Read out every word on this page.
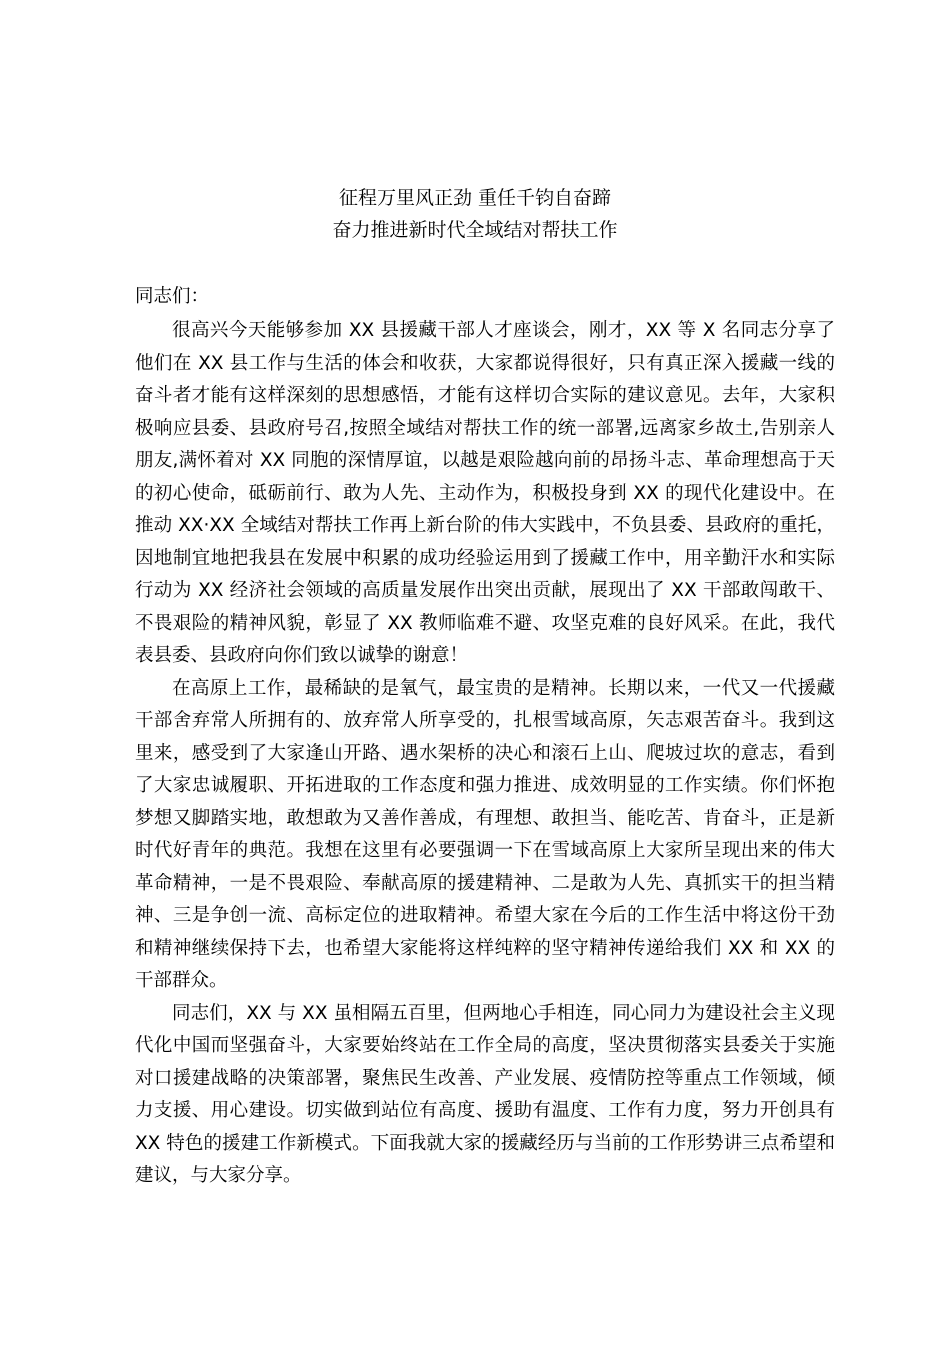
征程万里风正劲 重任千钧自奋蹄
奋力推进新时代全域结对帮扶工作
同志们：

很高兴今天能够参加 XX 县援藏干部人才座谈会，刚才，XX 等 X 名同志分享了他们在 XX 县工作与生活的体会和收获，大家都说得很好，只有真正深入援藏一线的奋斗者才能有这样深刻的思想感悟，才能有这样切合实际的建议意见。去年，大家积极响应县委、县政府号召,按照全域结对帮扶工作的统一部署,远离家乡故土,告别亲人朋友,满怀着对 XX 同胞的深情厚谊，以越是艰险越向前的昂扬斗志、革命理想高于天的初心使命，砥砺前行、敢为人先、主动作为，积极投身到 XX 的现代化建设中。在推动 XX·XX 全域结对帮扶工作再上新台阶的伟大实践中，不负县委、县政府的重托，因地制宜地把我县在发展中积累的成功经验运用到了援藏工作中，用辛勤汗水和实际行动为 XX 经济社会领域的高质量发展作出突出贡献，展现出了 XX 干部敢闯敢干、不畏艰险的精神风貌，彰显了 XX 教师临难不避、攻坚克难的良好风采。在此，我代表县委、县政府向你们致以诚挚的谢意！

在高原上工作，最稀缺的是氧气，最宝贵的是精神。长期以来，一代又一代援藏干部舍弃常人所拥有的、放弃常人所享受的，扎根雪域高原，矢志艰苦奋斗。我到这里来，感受到了大家逢山开路、遇水架桥的决心和滚石上山、爬坡过坎的意志，看到了大家忠诚履职、开拓进取的工作态度和强力推进、成效明显的工作实绩。你们怀抱梦想又脚踏实地，敢想敢为又善作善成，有理想、敢担当、能吃苦、肯奋斗，正是新时代好青年的典范。我想在这里有必要强调一下在雪域高原上大家所呈现出来的伟大革命精神，一是不畏艰险、奉献高原的援建精神、二是敢为人先、真抓实干的担当精神、三是争创一流、高标定位的进取精神。希望大家在今后的工作生活中将这份干劲和精神继续保持下去，也希望大家能将这样纯粹的坚守精神传递给我们 XX 和 XX 的干部群众。

同志们，XX 与 XX 虽相隔五百里，但两地心手相连，同心同力为建设社会主义现代化中国而坚强奋斗，大家要始终站在工作全局的高度，坚决贯彻落实县委关于实施对口援建战略的决策部署，聚焦民生改善、产业发展、疫情防控等重点工作领域，倾力支援、用心建设。切实做到站位有高度、援助有温度、工作有力度，努力开创具有 XX 特色的援建工作新模式。下面我就大家的援藏经历与当前的工作形势讲三点希望和建议，与大家分享。
